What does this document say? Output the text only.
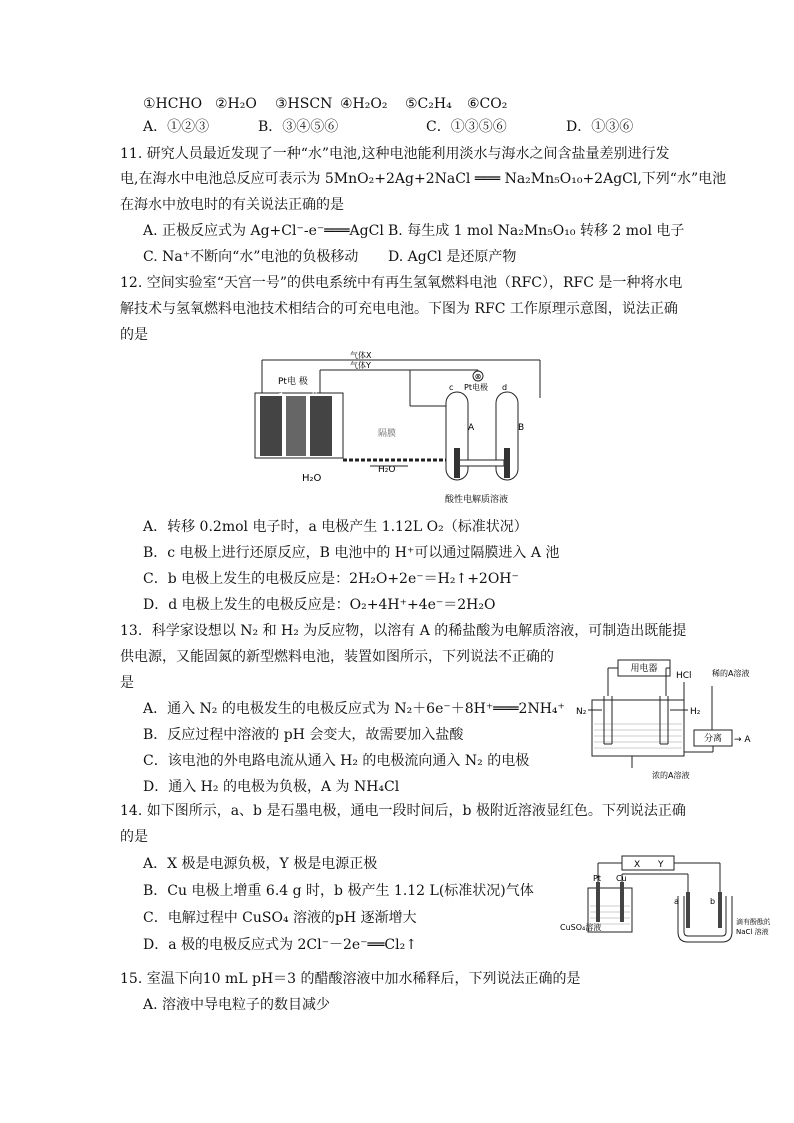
①HCHO ②H₂O ③HSCN ④H₂O₂ ⑤C₂H₄ ⑥CO₂
A．①②③	B．③④⑤⑥	C．①③⑤⑥	D．①③⑥
11. 研究人员最近发现了一种“水”电池,这种电池能利用淡水与海水之间含盐量差别进行发
电,在海水中电池总反应可表示为 5MnO₂+2Ag+2NaCl ═══ Na₂Mn₅O₁₀+2AgCl,下列“水”电池
在海水中放电时的有关说法正确的是
A. 正极反应式为 Ag+Cl⁻-e⁻═══AgCl B. 每生成 1 mol Na₂Mn₅O₁₀ 转移 2 mol 电子
C. Na⁺不断向“水”电池的负极移动 D. AgCl 是还原产物
12. 空间实验室“天宫一号”的供电系统中有再生氢氧燃料电池（RFC），RFC 是一种将水电
解技术与氢氧燃料电池技术相结合的可充电电池。下图为 RFC 工作原理示意图，说法正确
的是
⊗
气体X
气体Y
Pt电 极
a	b
H₂O
隔膜
H₂O
c	d
Pt电极
A	B
酸性电解质溶液
A．转移 0.2mol 电子时，a 电极产生 1.12L O₂（标准状况）
B．c 电极上进行还原反应，B 电池中的 H⁺可以通过隔膜进入 A 池
C．b 电极上发生的电极反应是：2H₂O+2e⁻＝H₂↑+2OH⁻
D．d 电极上发生的电极反应是：O₂+4H⁺+4e⁻＝2H₂O
13．科学家设想以 N₂ 和 H₂ 为反应物，以溶有 A 的稀盐酸为电解质溶液，可制造出既能提
供电源，又能固氮的新型燃料电池，装置如图所示，下列说法不正确的
是
A．通入 N₂ 的电极发生的电极反应式为 N₂＋6e⁻＋8H⁺═══2NH₄⁺
B．反应过程中溶液的 pH 会变大，故需要加入盐酸
C．该电池的外电路电流从通入 H₂ 的电极流向通入 N₂ 的电极
D．通入 H₂ 的电极为负极，A 为 NH₄Cl
用电器
HCl
N₂	H₂
稀的A溶液
分离 → A
浓的A溶液
14. 如下图所示，a、b 是石墨电极，通电一段时间后，b 极附近溶液显红色。下列说法正确
的是
A．X 极是电源负极，Y 极是电源正极
B．Cu 电极上增重 6.4 g 时，b 极产生 1.12 L(标准状况)气体
C．电解过程中 CuSO₄ 溶液的pH 逐渐增大
D．a 极的电极反应式为 2Cl⁻－2e⁻══Cl₂↑
X Y
Pt Cu
CuSO₄溶液
a	b
滴有酚酞的
NaCl 溶液
15. 室温下向10 mL pH＝3 的醋酸溶液中加水稀释后，下列说法正确的是
A. 溶液中导电粒子的数目减少
